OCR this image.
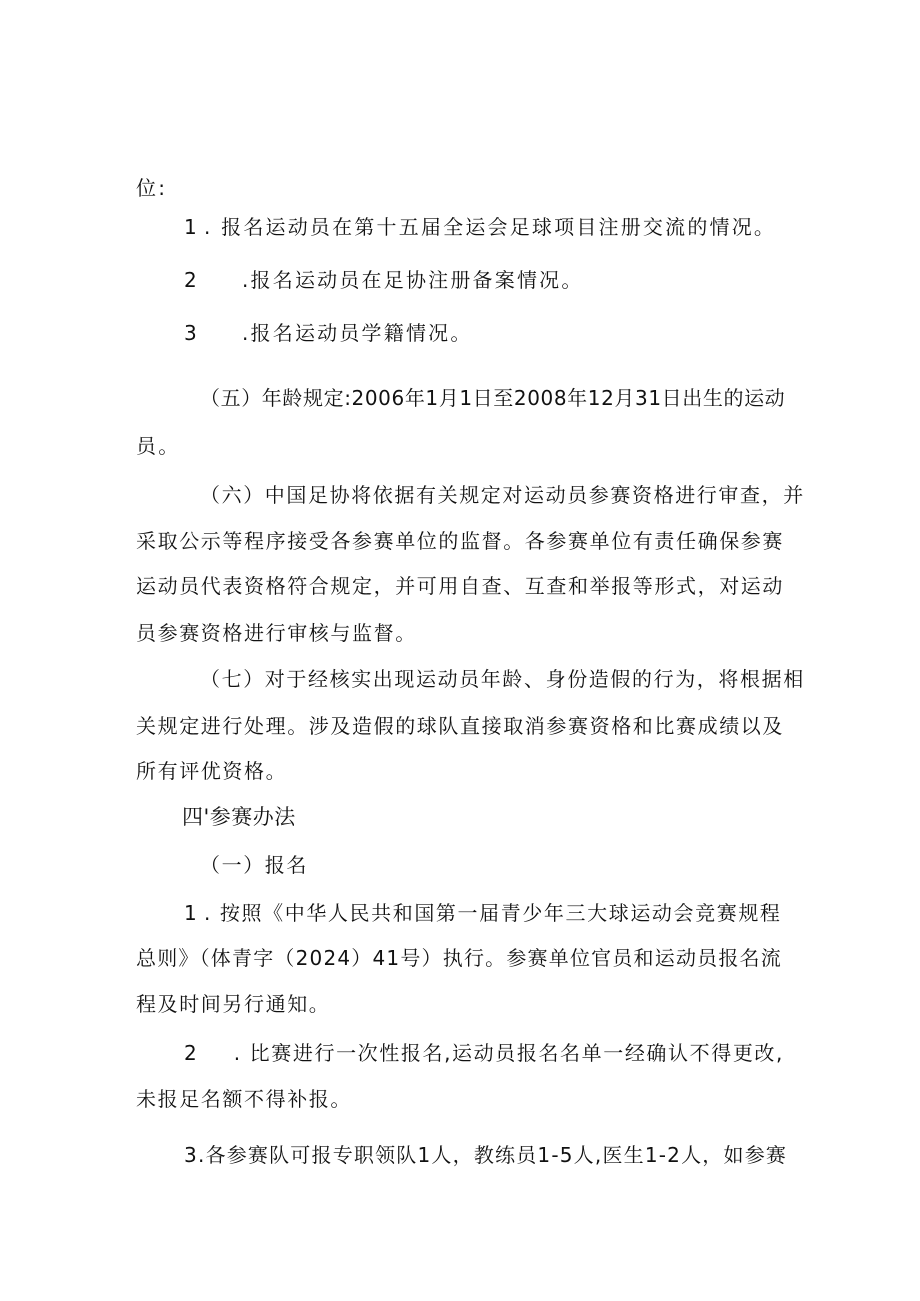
位:
1 . 报名运动员在第十五届全运会足球项目注册交流的情况。
2	.报名运动员在足协注册备案情况。
3	.报名运动员学籍情况。
（五）年龄规定:2006年1月1日至2008年12月31日出生的运动
员。
（六）中国足协将依据有关规定对运动员参赛资格进行审查，并
采取公示等程序接受各参赛单位的监督。各参赛单位有责任确保参赛
运动员代表资格符合规定，并可用自查、互查和举报等形式，对运动
员参赛资格进行审核与监督。
（七）对于经核实出现运动员年龄、身份造假的行为，将根据相
关规定进行处理。涉及造假的球队直接取消参赛资格和比赛成绩以及
所有评优资格。
四'参赛办法
（一）报名
1 . 按照《中华人民共和国第一届青少年三大球运动会竞赛规程
总则》（体青字（2024）41号）执行。参赛单位官员和运动员报名流
程及时间另行通知。
2	. 比赛进行一次性报名,运动员报名名单一经确认不得更改,
未报足名额不得补报。
3 .各参赛队可报专职领队1人，教练员1-5人,医生1-2人，如参赛
